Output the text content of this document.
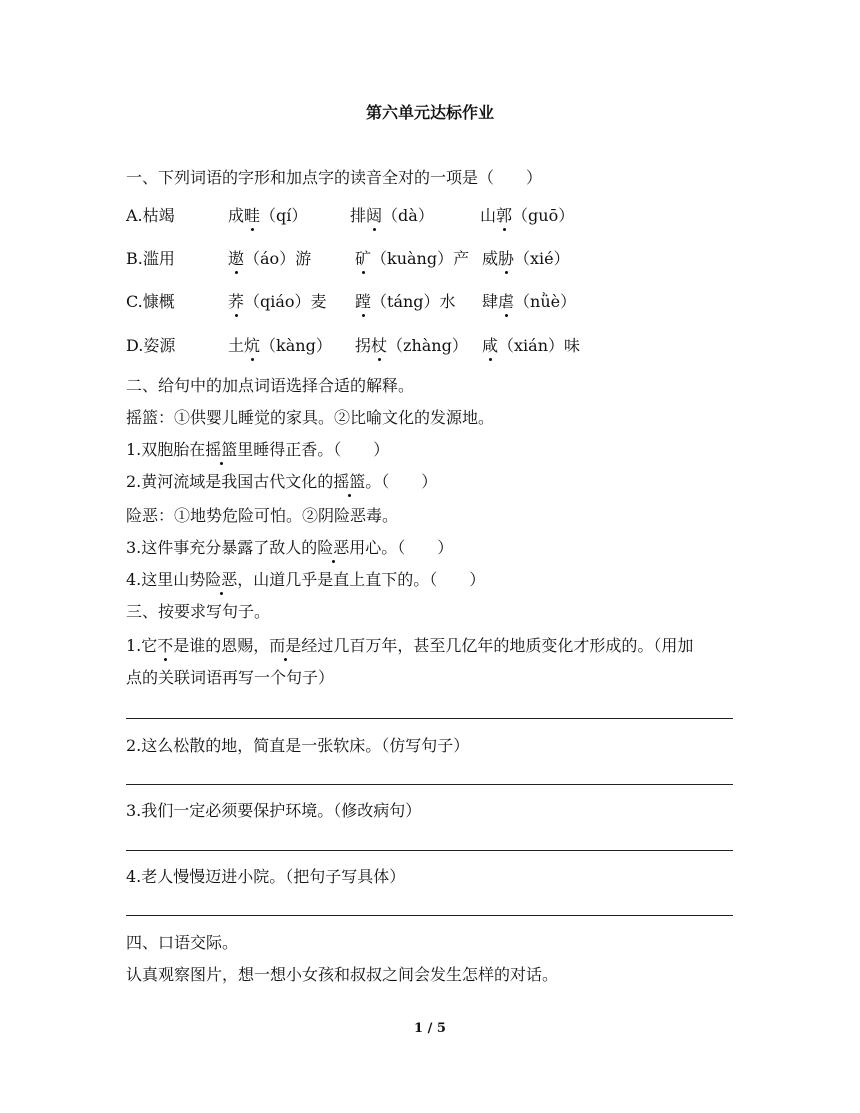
第六单元达标作业
一、下列词语的字形和加点字的读音全对的一项是（　　）
A.枯竭	成畦（qí）	排闼（dà）	山郭（guō）
B.滥用	遨（áo）游	矿（kuàng）产 威胁（xié）
C.慷概	荞（qiáo）麦 蹚（táng）水 肆虐（nǜè）
D.姿源	土炕（kàng） 拐杖（zhàng） 咸（xián）味
二、给句中的加点词语选择合适的解释。
摇篮：①供婴儿睡觉的家具。②比喻文化的发源地。
1.双胞胎在摇篮里睡得正香。（　　）
2.黄河流域是我国古代文化的摇篮。（　　）
险恶：①地势危险可怕。②阴险恶毒。
3.这件事充分暴露了敌人的险恶用心。（　　）
4.这里山势险恶，山道几乎是直上直下的。（　　）
三、按要求写句子。
1.它不是谁的恩赐，而是经过几百万年，甚至几亿年的地质变化才形成的。（用加
点的关联词语再写一个句子）
2.这么松散的地，简直是一张软床。（仿写句子）
3.我们一定必须要保护环境。（修改病句）
4.老人慢慢迈进小院。（把句子写具体）
四、口语交际。
认真观察图片，想一想小女孩和叔叔之间会发生怎样的对话。
1 / 5
